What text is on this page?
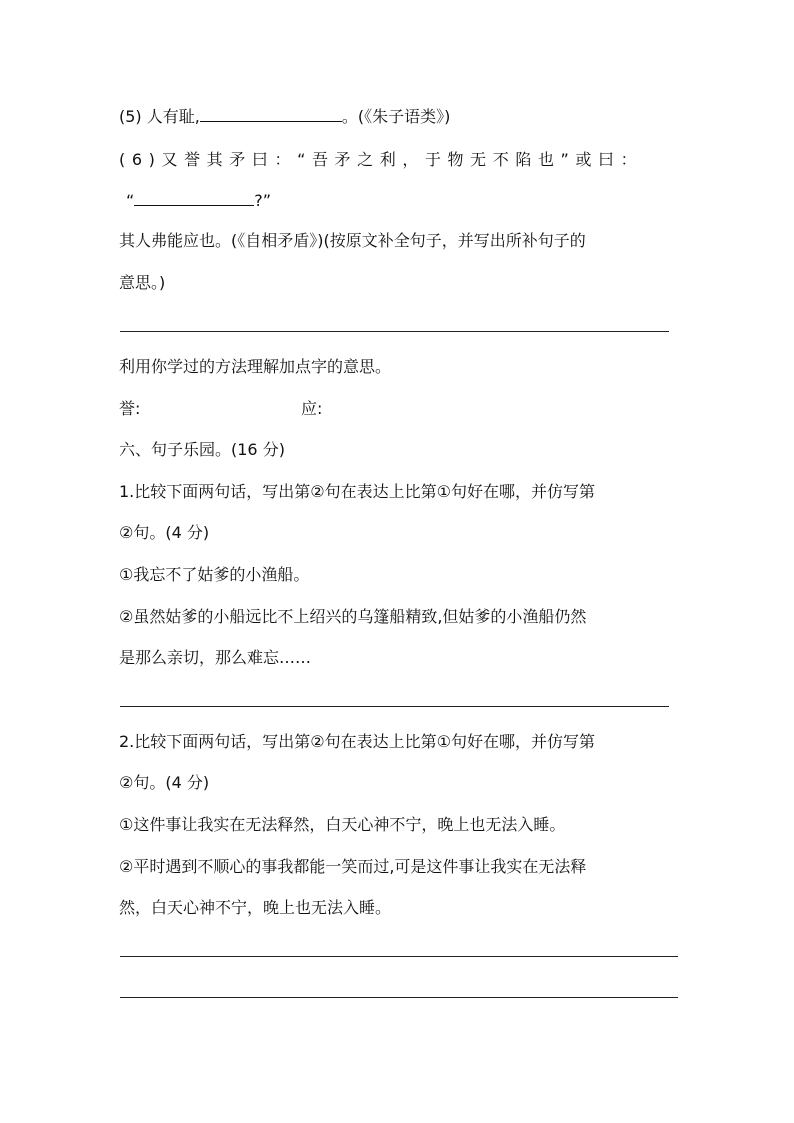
(5) 人有耻,	。(《朱子语类》)
(6)又誉其矛曰：“吾矛之利，于物无不陷也”或曰：
“	?”
其人弗能应也。(《自相矛盾》)(按原文补全句子，并写出所补句子的
意思。)
利用你学过的方法理解加点字的意思。
誉:	应:
六、句子乐园。(16 分)
1.比较下面两句话，写出第②句在表达上比第①句好在哪，并仿写第
②句。(4 分)
①我忘不了姑爹的小渔船。
②虽然姑爹的小船远比不上绍兴的乌篷船精致,但姑爹的小渔船仍然
是那么亲切，那么难忘……
2.比较下面两句话，写出第②句在表达上比第①句好在哪，并仿写第
②句。(4 分)
①这件事让我实在无法释然，白天心神不宁，晚上也无法入睡。
②平时遇到不顺心的事我都能一笑而过,可是这件事让我实在无法释
然，白天心神不宁，晚上也无法入睡。
